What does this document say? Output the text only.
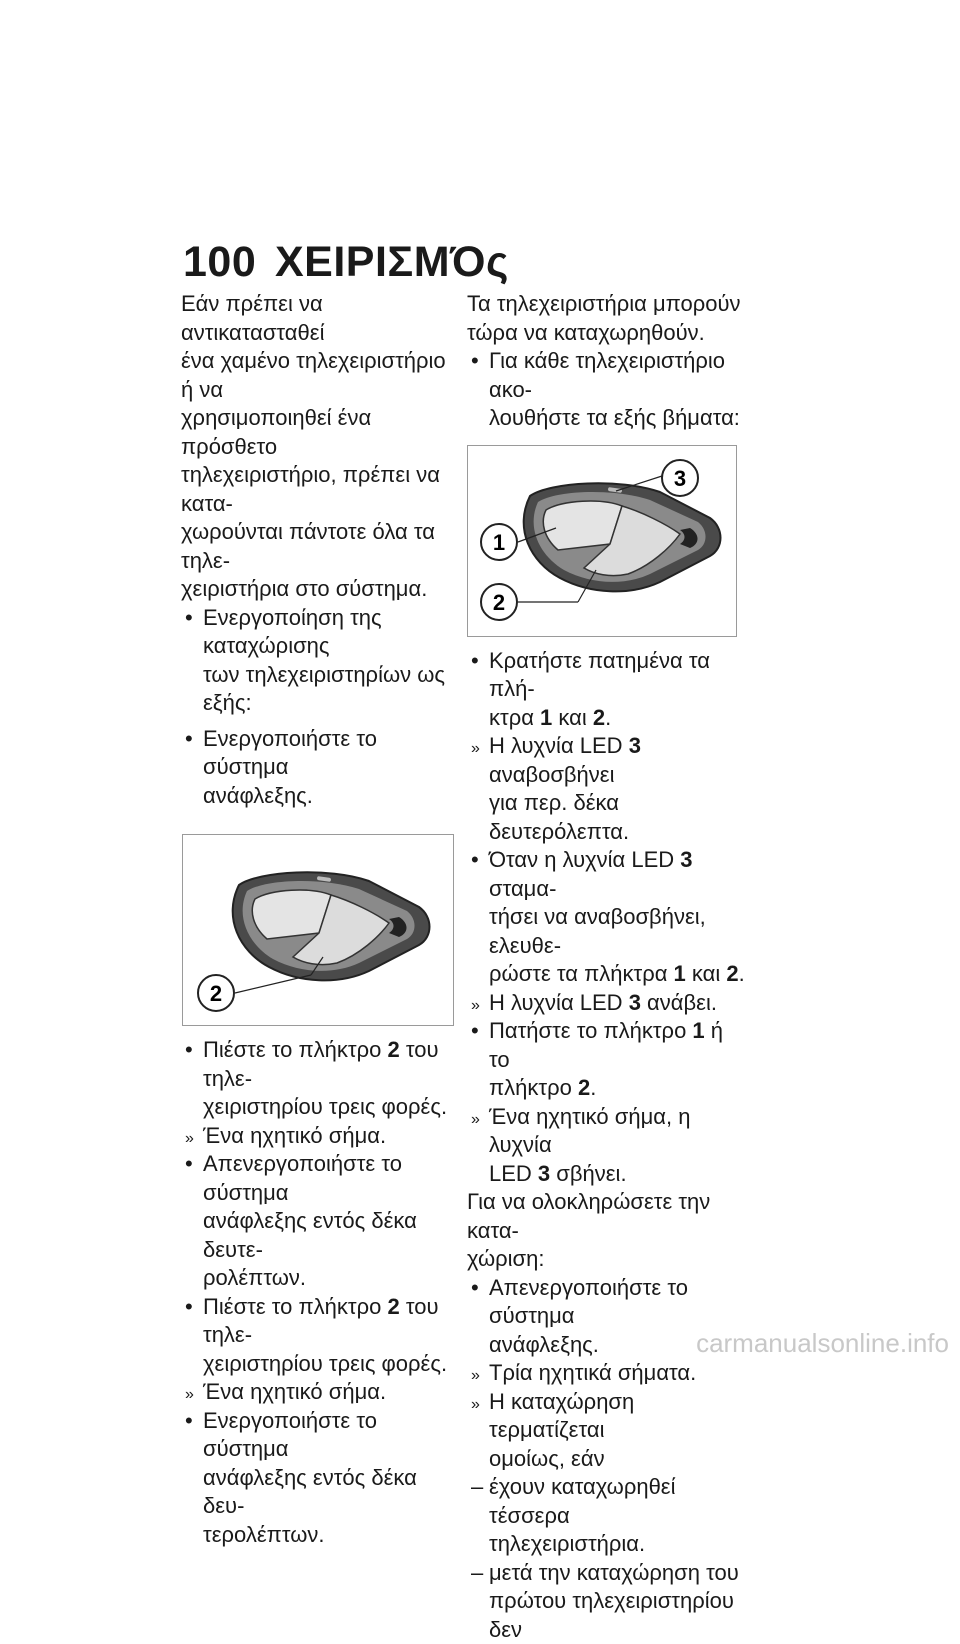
100 ΧΕΙΡΙΣΜΌς

Εάν πρέπει να αντικατασταθεί
ένα χαμένο τηλεχειριστήριο ή να
χρησιμοποιηθεί ένα πρόσθετο
τηλεχειριστήριο, πρέπει να κατα-
χωρούνται πάντοτε όλα τα τηλε-
χειριστήρια στο σύστημα.

•
Ενεργοποίηση της καταχώρισης
των τηλεχειριστηρίων ως εξής:
•
Ενεργοποιήστε το σύστημα
ανάφλεξης.
2
•
Πιέστε το πλήκτρο 2 του τηλε-
χειριστηρίου τρεις φορές.
»
Ένα ηχητικό σήμα.
•
Απενεργοποιήστε το σύστημα
ανάφλεξης εντός δέκα δευτε-
ρολέπτων.
•
Πιέστε το πλήκτρο 2 του τηλε-
χειριστηρίου τρεις φορές.
»
Ένα ηχητικό σήμα.
•
Ενεργοποιήστε το σύστημα
ανάφλεξης εντός δέκα δευ-
τερολέπτων.

Τα τηλεχειριστήρια μπορούν
τώρα να καταχωρηθούν.

•
Για κάθε τηλεχειριστήριο ακο-
λουθήστε τα εξής βήματα:
1
2
3
•
Κρατήστε πατημένα τα πλή-
κτρα 1 και 2.
»
Η λυχνία LED 3 αναβοσβήνει
για περ. δέκα δευτερόλεπτα.
•
Όταν η λυχνία LED 3 σταμα-
τήσει να αναβοσβήνει, ελευθε-
ρώστε τα πλήκτρα 1 και 2.
»
Η λυχνία LED 3 ανάβει.
•
Πατήστε το πλήκτρο 1 ή το
πλήκτρο 2.
»
Ένα ηχητικό σήμα, η λυχνία
LED 3 σβήνει.

Για να ολοκληρώσετε την κατα-
χώριση:

•
Απενεργοποιήστε το σύστημα
ανάφλεξης.
»
Τρία ηχητικά σήματα.
»
Η καταχώρηση τερματίζεται
ομοίως, εάν
–
έχουν καταχωρηθεί τέσσερα
τηλεχειριστήρια.
–
μετά την καταχώρηση του
πρώτου τηλεχειριστηρίου δεν
carmanualsonline.info
